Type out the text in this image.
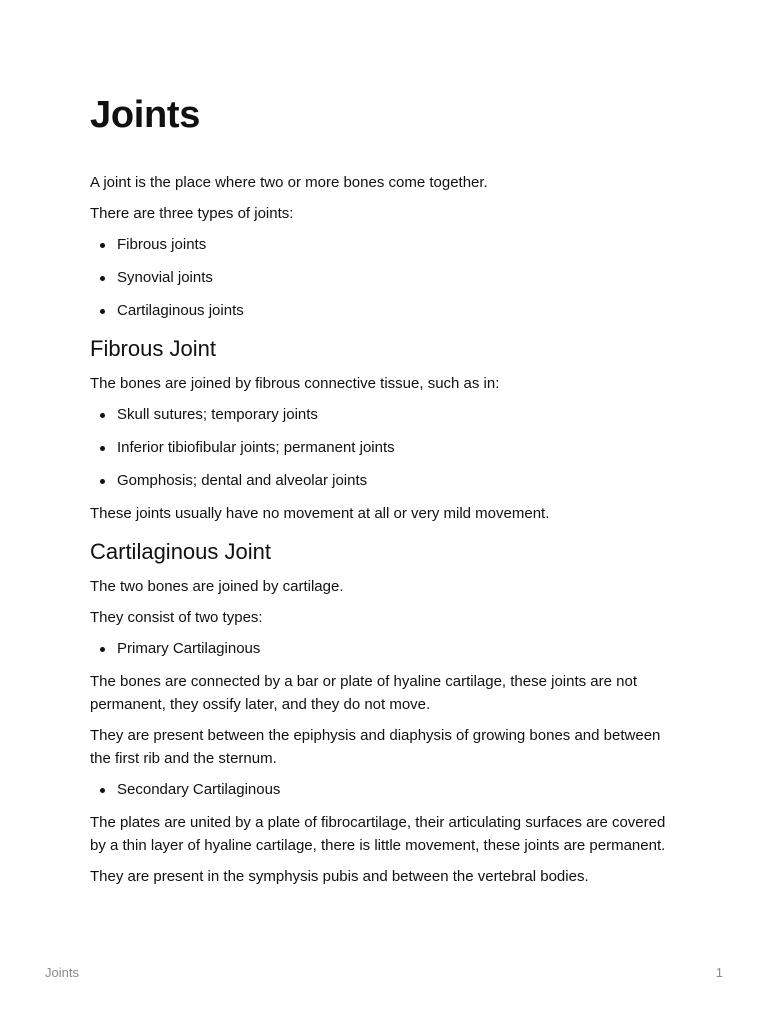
Joints

A joint is the place where two or more bones come together.

There are three types of joints:

Fibrous joints
Synovial joints
Cartilaginous joints
Fibrous Joint

The bones are joined by fibrous connective tissue, such as in:

Skull sutures; temporary joints
Inferior tibiofibular joints; permanent joints
Gomphosis; dental and alveolar joints

These joints usually have no movement at all or very mild movement.

Cartilaginous Joint

The two bones are joined by cartilage.

They consist of two types:

Primary Cartilaginous

The bones are connected by a bar or plate of hyaline cartilage, these joints are not permanent, they ossify later, and they do not move.

They are present between the epiphysis and diaphysis of growing bones and between the first rib and the sternum.

Secondary Cartilaginous

The plates are united by a plate of fibrocartilage, their articulating surfaces are covered by a thin layer of hyaline cartilage, there is little movement, these joints are permanent.

They are present in the symphysis pubis and between the vertebral bodies.

Joints	1
